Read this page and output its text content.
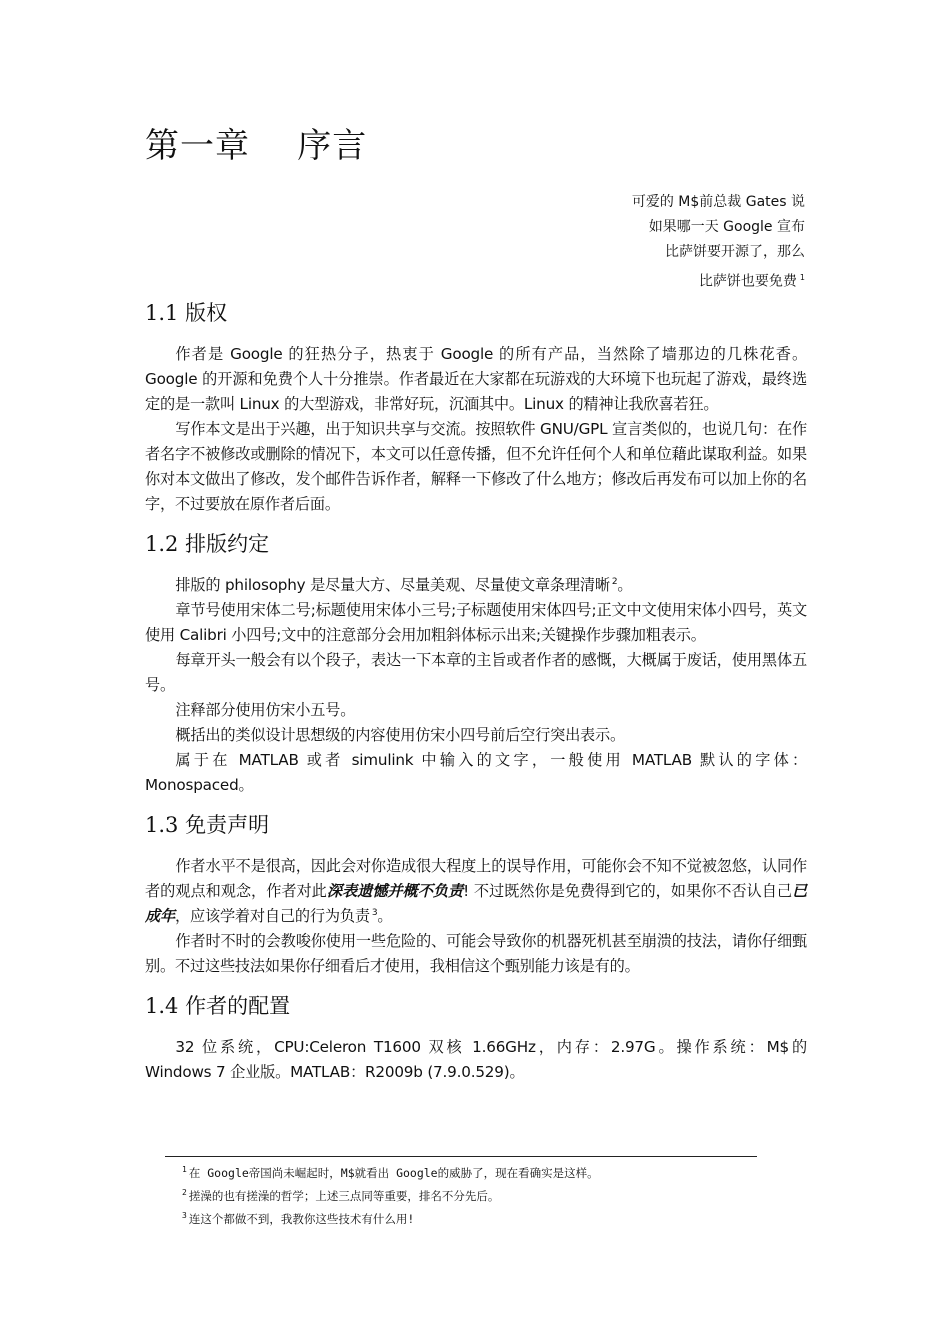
第一章    序言
可爱的 M$前总裁 Gates 说
如果哪一天 Google 宣布
比萨饼要开源了，那么
比萨饼也要免费 $^1$
1.1 版权

作者是 Google 的狂热分子，热衷于 Google 的所有产品，当然除了墙那边的几株花香。Google 的开源和免费个人十分推崇。作者最近在大家都在玩游戏的大环境下也玩起了游戏，最终选定的是一款叫 Linux 的大型游戏，非常好玩，沉湎其中。Linux 的精神让我欣喜若狂。

写作本文是出于兴趣，出于知识共享与交流。按照软件 GNU/GPL 宣言类似的，也说几句：在作者名字不被修改或删除的情况下，本文可以任意传播，但不允许任何个人和单位藉此谋取利益。如果你对本文做出了修改，发个邮件告诉作者，解释一下修改了什么地方；修改后再发布可以加上你的名字，不过要放在原作者后面。

1.2 排版约定

排版的 philosophy 是尽量大方、尽量美观、尽量使文章条理清晰 $^2$。

章节号使用宋体二号;标题使用宋体小三号;子标题使用宋体四号;正文中文使用宋体小四号，英文使用 Calibri 小四号;文中的注意部分会用加粗斜体标示出来;关键操作步骤加粗表示。

每章开头一般会有以个段子，表达一下本章的主旨或者作者的感慨，大概属于废话，使用黑体五号。

注释部分使用仿宋小五号。

概括出的类似设计思想级的内容使用仿宋小四号前后空行突出表示。

属于在 MATLAB 或者 simulink 中输入的文字，一般使用 MATLAB 默认的字体：Monospaced。

1.3 免责声明

作者水平不是很高，因此会对你造成很大程度上的误导作用，可能你会不知不觉被忽悠，认同作者的观点和观念，作者对此深表遗憾并概不负责! 不过既然你是免费得到它的，如果你不否认自己已成年，应该学着对自己的行为负责 $^3$。

作者时不时的会教唆你使用一些危险的、可能会导致你的机器死机甚至崩溃的技法，请你仔细甄别。不过这些技法如果你仔细看后才使用，我相信这个甄别能力该是有的。

1.4 作者的配置

32 位系统，CPU:Celeron T1600 双核 1.66GHz，内存：2.97G。操作系统：M$的 Windows 7 企业版。MATLAB：R2009b (7.9.0.529)。

$^1$ 在 Google帝国尚未崛起时，M$就看出 Google的威胁了，现在看确实是这样。
$^2$ 搓澡的也有搓澡的哲学；上述三点同等重要，排名不分先后。
$^3$ 连这个都做不到，我教你这些技术有什么用!
